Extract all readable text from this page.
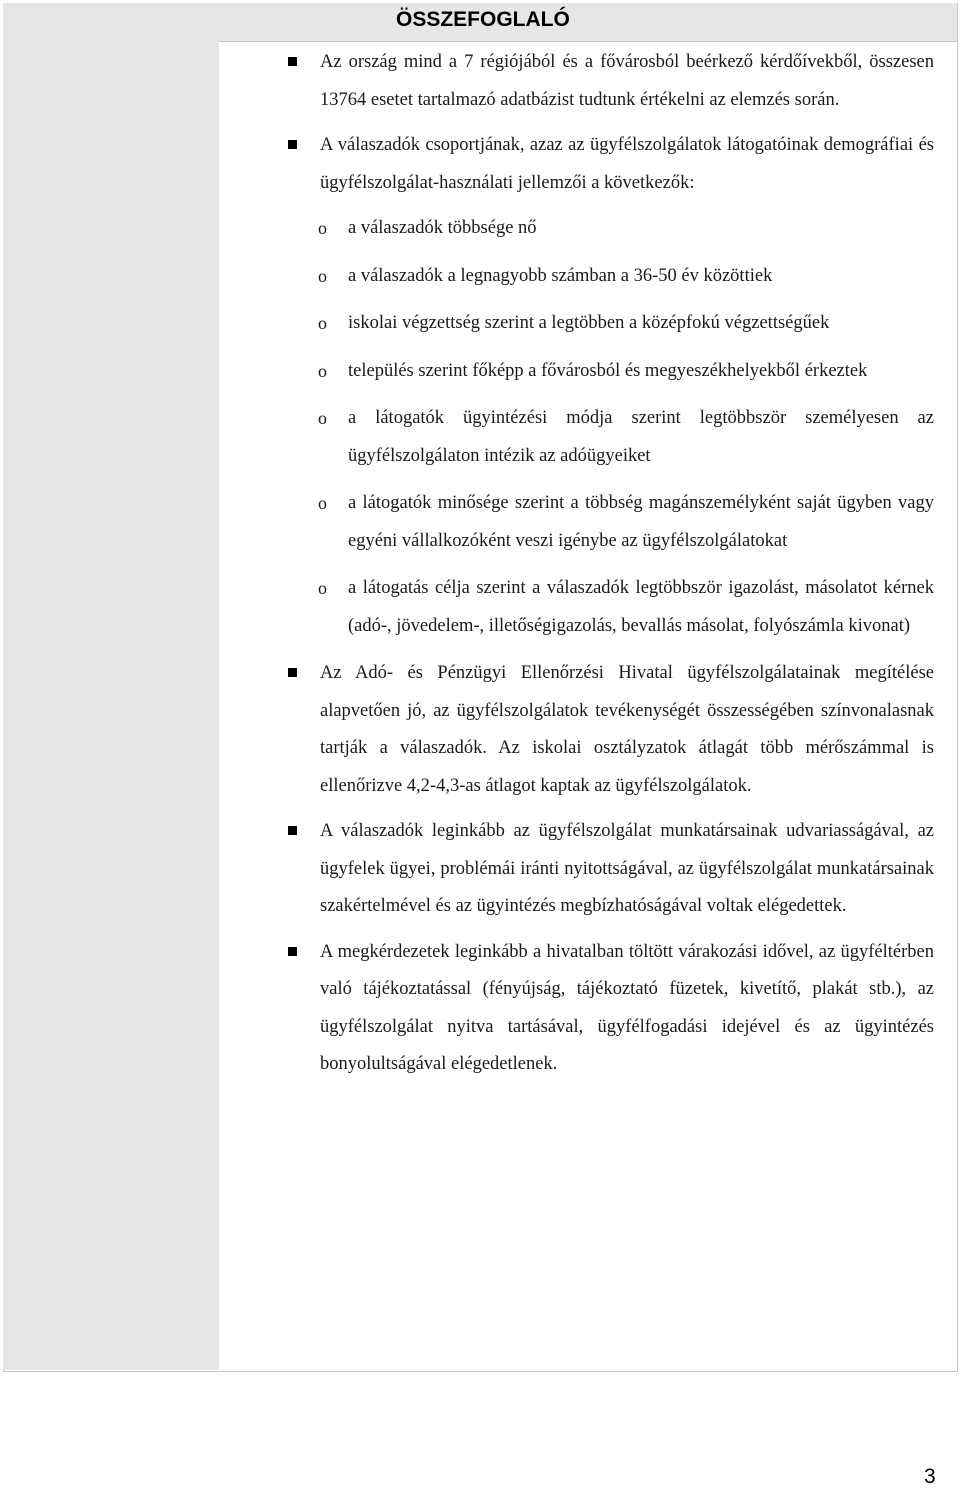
ÖSSZEFOGLALÓ
Az ország mind a 7 régiójából és a fővárosból beérkező kérdőívekből, összesen 13764 esetet tartalmazó adatbázist tudtunk értékelni az elemzés során.
A válaszadók csoportjának, azaz az ügyfélszolgálatok látogatóinak demográfiai és ügyfélszolgálat-használati jellemzői a következők:
o a válaszadók többsége nő
o a válaszadók a legnagyobb számban a 36-50 év közöttiek
o iskolai végzettség szerint a legtöbben a középfokú végzettségűek
o település szerint főképp a fővárosból és megyeszékhelyekből érkeztek
o a látogatók ügyintézési módja szerint legtöbbször személyesen az ügyfélszolgálaton intézik az adóügyeiket
o a látogatók minősége szerint a többség magánszemélyként saját ügyben vagy egyéni vállalkozóként veszi igénybe az ügyfélszolgálatokat
o a látogatás célja szerint a válaszadók legtöbbször igazolást, másolatot kérnek (adó-, jövedelem-, illetőségigazolás, bevallás másolat, folyószámla kivonat)
Az Adó- és Pénzügyi Ellenőrzési Hivatal ügyfélszolgálatainak megítélése alapvetően jó, az ügyfélszolgálatok tevékenységét összességében színvonalasnak tartják a válaszadók. Az iskolai osztályzatok átlagát több mérőszámmal is ellenőrizve 4,2-4,3-as átlagot kaptak az ügyfélszolgálatok.
A válaszadók leginkább az ügyfélszolgálat munkatársainak udvariasságával, az ügyfelek ügyei, problémái iránti nyitottságával, az ügyfélszolgálat munkatársainak szakértelmével és az ügyintézés megbízhatóságával voltak elégedettek.
A megkérdezetek leginkább a hivatalban töltött várakozási idővel, az ügyféltérben való tájékoztatással (fényújság, tájékoztató füzetek, kivetítő, plakát stb.), az ügyfélszolgálat nyitva tartásával, ügyfélfogadási idejével és az ügyintézés bonyolultságával elégedetlenek.
3
